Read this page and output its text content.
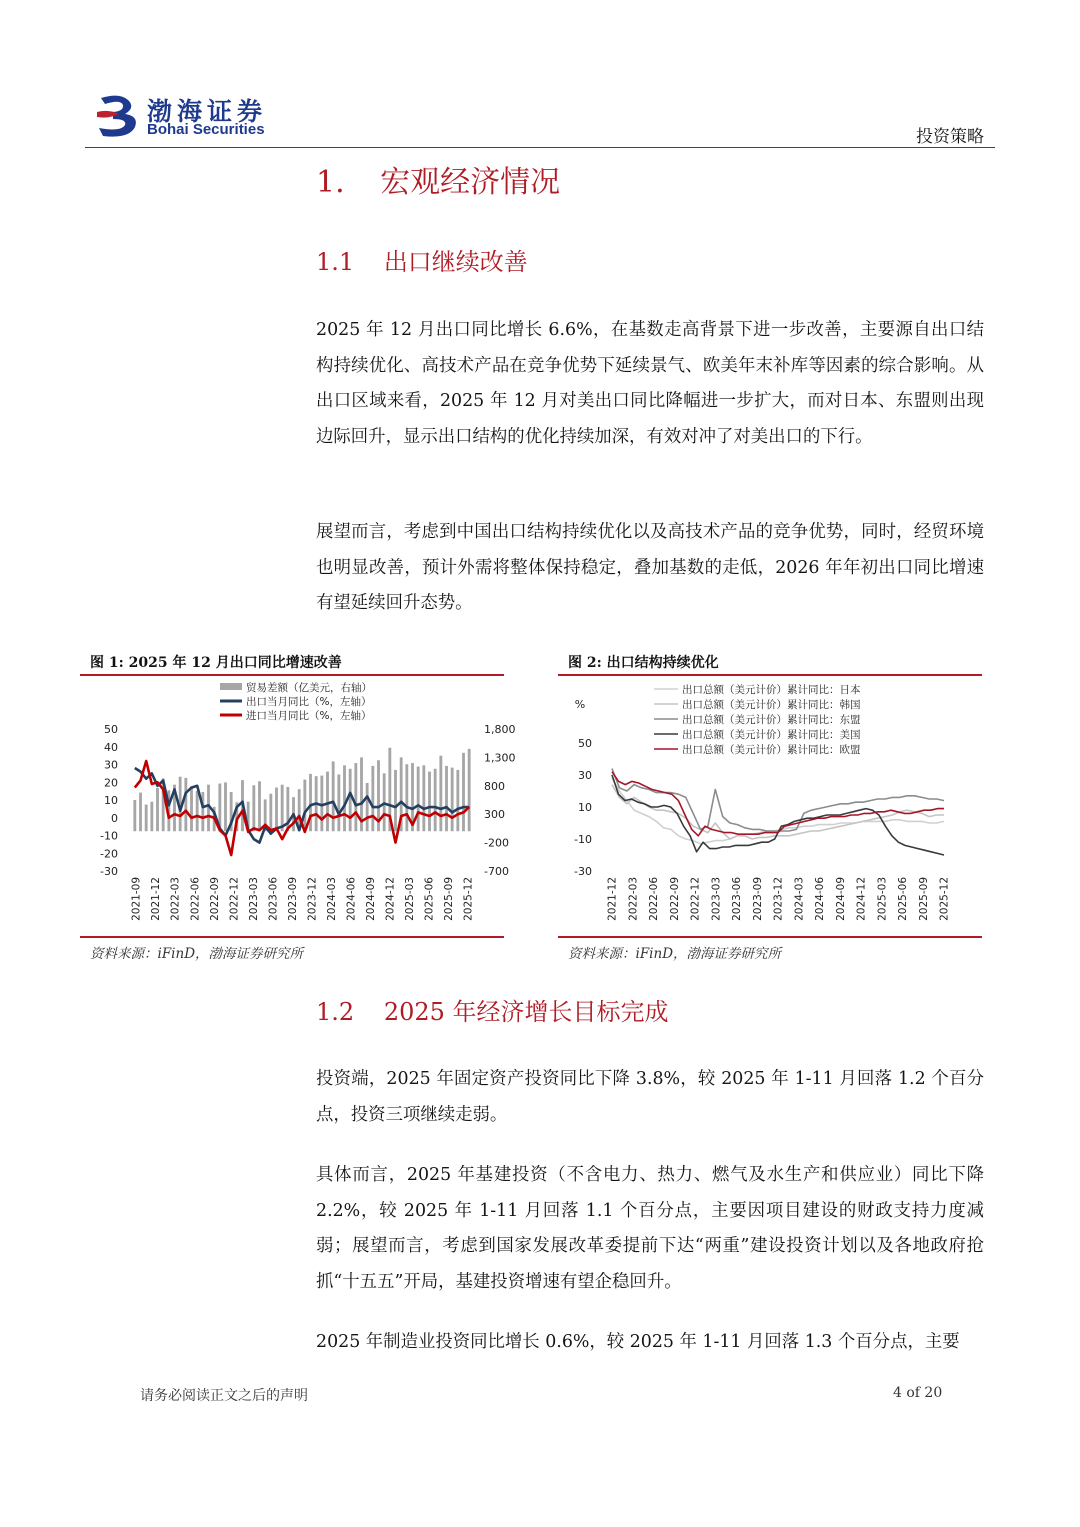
渤海证券
Bohai Securities	投资策略
1. 宏观经济情况
1.1 出口继续改善
2025 年 12 月出口同比增长 6.6%，在基数走高背景下进一步改善，主要源自出口结构持续优化、高技术产品在竞争优势下延续景气、欧美年末补库等因素的综合影响。从出口区域来看，2025 年 12 月对美出口同比降幅进一步扩大，而对日本、东盟则出现边际回升，显示出口结构的优化持续加深，有效对冲了对美出口的下行。
展望而言，考虑到中国出口结构持续优化以及高技术产品的竞争优势，同时，经贸环境也明显改善，预计外需将整体保持稳定，叠加基数的走低，2026 年年初出口同比增速有望延续回升态势。
图 1: 2025 年 12 月出口同比增速改善
贸易差额（亿美元，右轴）
出口当月同比（%，左轴）
进口当月同比（%，左轴）
50
40
30
20
10
0
-10
-20
-30
1,800
1,300
800
300
-200
-700
2021-09 2021-12 2022-03 2022-06 2022-09 2022-12 2023-03 2023-06 2023-09 2023-12 2024-03 2024-06 2024-09 2024-12 2025-03 2025-06 2025-09 2025-12
资料来源：iFinD，渤海证券研究所
图 2: 出口结构持续优化
出口总额（美元计价）累计同比：日本
出口总额（美元计价）累计同比：韩国
出口总额（美元计价）累计同比：东盟
出口总额（美元计价）累计同比：美国
出口总额（美元计价）累计同比：欧盟
%
50
30
10
-10
-30
2021-12 2022-03 2022-06 2022-09 2022-12 2023-03 2023-06 2023-09 2023-12 2024-03 2024-06 2024-09 2024-12 2025-03 2025-06 2025-09 2025-12
资料来源：iFinD，渤海证券研究所
1.2 2025 年经济增长目标完成
投资端，2025 年固定资产投资同比下降 3.8%，较 2025 年 1-11 月回落 1.2 个百分点，投资三项继续走弱。
具体而言，2025 年基建投资（不含电力、热力、燃气及水生产和供应业）同比下降 2.2%，较 2025 年 1-11 月回落 1.1 个百分点，主要因项目建设的财政支持力度减弱；展望而言，考虑到国家发展改革委提前下达“两重”建设投资计划以及各地政府抢抓“十五五”开局，基建投资增速有望企稳回升。
2025 年制造业投资同比增长 0.6%，较 2025 年 1-11 月回落 1.3 个百分点，主要
请务必阅读正文之后的声明	4 of 20
